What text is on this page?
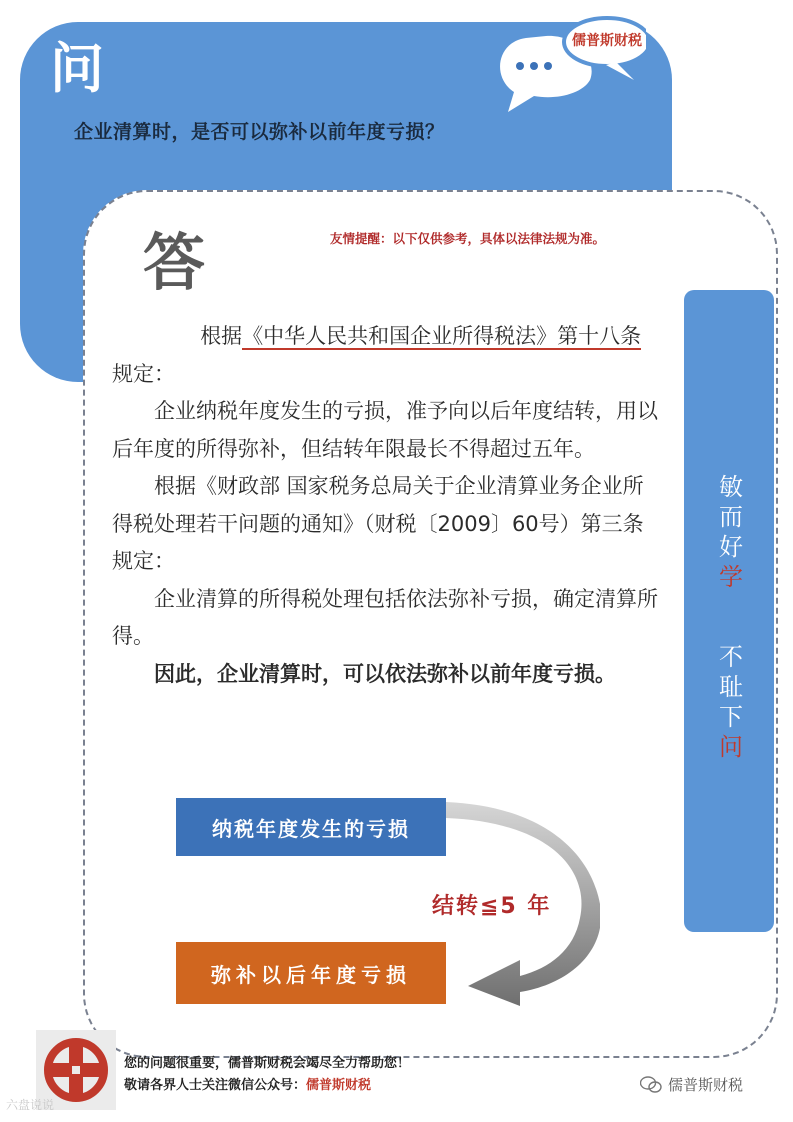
问
企业清算时，是否可以弥补以前年度亏损？
儒普斯财税
答	友情提醒：以下仅供参考，具体以法律法规为准。

根据《中华人民共和国企业所得税法》第十八条规定：

企业纳税年度发生的亏损，准予向以后年度结转，用以后年度的所得弥补，但结转年限最长不得超过五年。

根据《财政部 国家税务总局关于企业清算业务企业所得税处理若干问题的通知》（财税〔2009〕60号）第三条规定：

企业清算的所得税处理包括依法弥补亏损，确定清算所得。

因此，企业清算时，可以依法弥补以前年度亏损。

敏
而
好
学
不
耻
下
问
纳税年度发生的亏损
结转≦5 年
弥补以后年度亏损
您的问题很重要，儒普斯财税会竭尽全力帮助您！
敬请各界人士关注微信公众号：儒普斯财税	儒普斯财税
六盘说说
